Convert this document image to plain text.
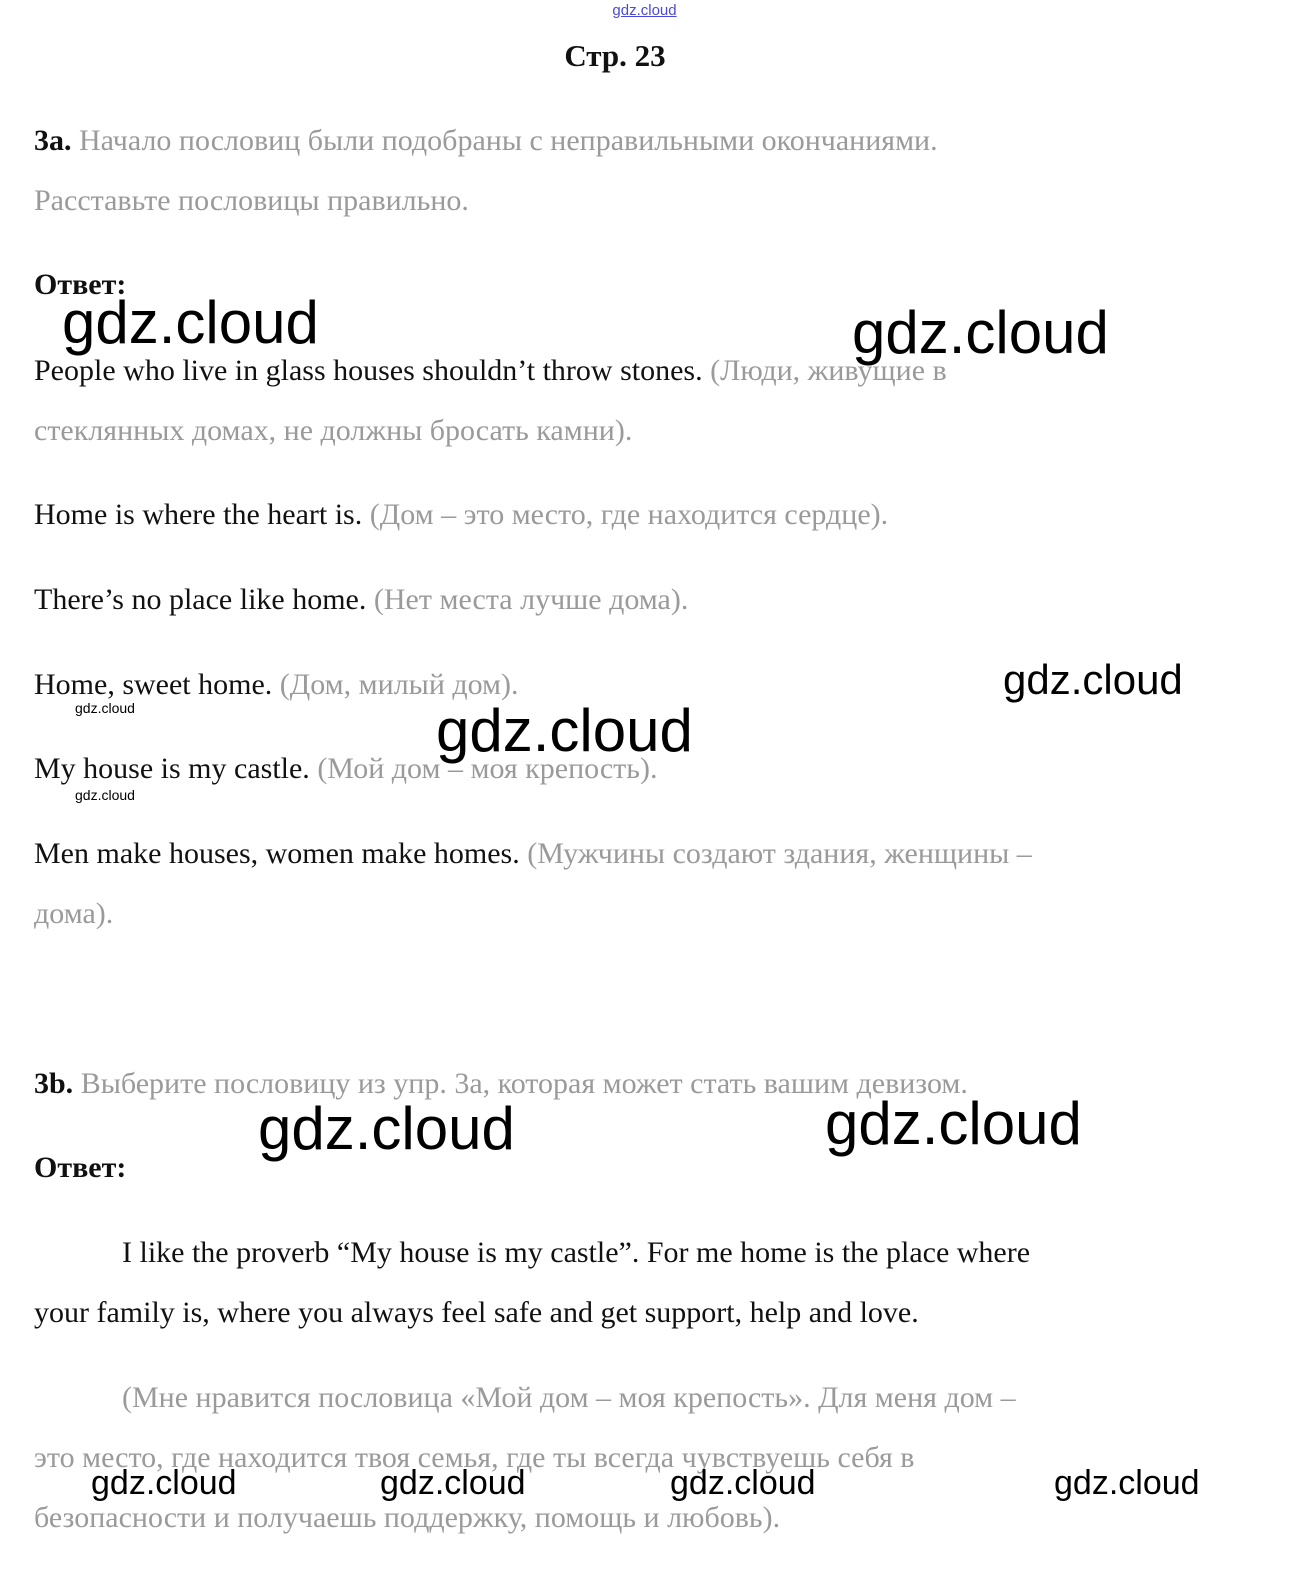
gdz.cloud
Стр. 23
3a. Начало пословиц были подобраны с неправильными окончаниями.
Расставьте пословицы правильно.
Ответ:
People who live in glass houses shouldn’t throw stones. (Люди, живущие в
стеклянных домах, не должны бросать камни).
Home is where the heart is. (Дом – это место, где находится сердце).
There’s no place like home. (Нет места лучше дома).
Home, sweet home. (Дом, милый дом).
My house is my castle. (Мой дом – моя крепость).
Men make houses, women make homes. (Мужчины создают здания, женщины –
дома).
3b. Выберите пословицу из упр. 3а, которая может стать вашим девизом.
Ответ:
I like the proverb “My house is my castle”. For me home is the place where
your family is, where you always feel safe and get support, help and love.
(Мне нравится пословица «Мой дом – моя крепость». Для меня дом –
это место, где находится твоя семья, где ты всегда чувствуешь себя в
безопасности и получаешь поддержку, помощь и любовь).
gdz.cloud	gdz.cloud
gdz.cloud
gdz.cloud	gdz.cloud
gdz.cloud
gdz.cloud	gdz.cloud
gdz.cloud	gdz.cloud	gdz.cloud	gdz.cloud
